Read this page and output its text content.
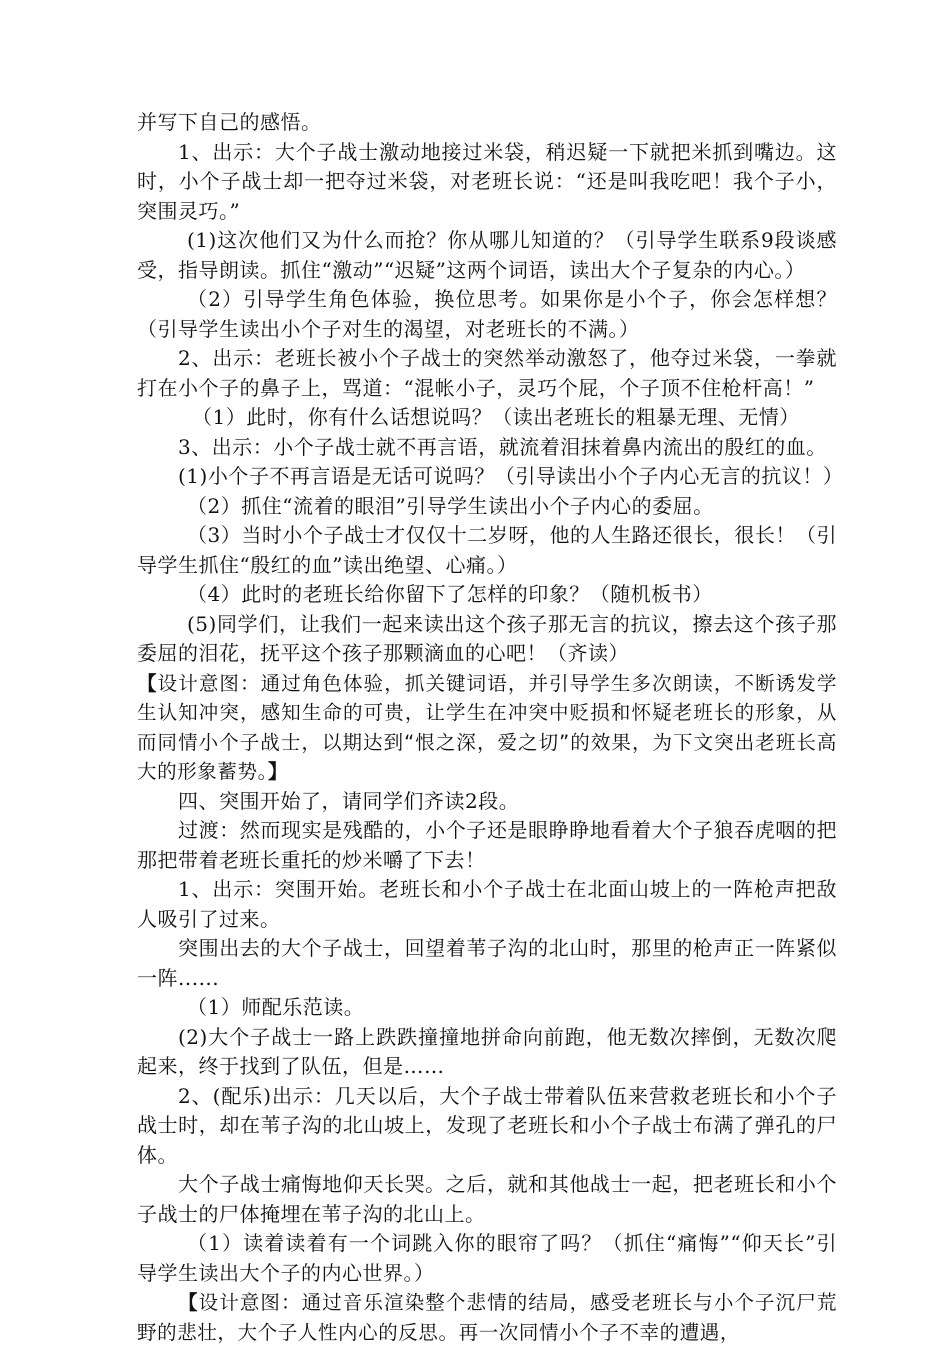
并写下自己的感悟。

1、出示：大个子战士激动地接过米袋，稍迟疑一下就把米抓到嘴边。这时，小个子战士却一把夺过米袋，对老班长说：“还是叫我吃吧！我个子小，突围灵巧。”

(1)这次他们又为什么而抢？你从哪儿知道的？（引导学生联系9段谈感受，指导朗读。抓住“激动”“迟疑”这两个词语，读出大个子复杂的内心。）

（2）引导学生角色体验，换位思考。如果你是小个子，你会怎样想？（引导学生读出小个子对生的渴望，对老班长的不满。）

2、出示：老班长被小个子战士的突然举动激怒了，他夺过米袋，一拳就打在小个子的鼻子上，骂道：“混帐小子，灵巧个屁，个子顶不住枪杆高！”

（1）此时，你有什么话想说吗？（读出老班长的粗暴无理、无情）

3、出示：小个子战士就不再言语，就流着泪抹着鼻内流出的殷红的血。

(1)小个子不再言语是无话可说吗？（引导读出小个子内心无言的抗议！）

（2）抓住“流着的眼泪”引导学生读出小个子内心的委屈。

（3）当时小个子战士才仅仅十二岁呀，他的人生路还很长，很长！（引导学生抓住“殷红的血”读出绝望、心痛。）

（4）此时的老班长给你留下了怎样的印象？（随机板书）

(5)同学们，让我们一起来读出这个孩子那无言的抗议，擦去这个孩子那委屈的泪花，抚平这个孩子那颗滴血的心吧！（齐读）

【设计意图：通过角色体验，抓关键词语，并引导学生多次朗读，不断诱发学生认知冲突，感知生命的可贵，让学生在冲突中贬损和怀疑老班长的形象，从而同情小个子战士，以期达到“恨之深，爱之切”的效果，为下文突出老班长高大的形象蓄势。】

四、突围开始了，请同学们齐读2段。

过渡：然而现实是残酷的，小个子还是眼睁睁地看着大个子狼吞虎咽的把那把带着老班长重托的炒米嚼了下去！

1、出示：突围开始。老班长和小个子战士在北面山坡上的一阵枪声把敌人吸引了过来。

突围出去的大个子战士，回望着苇子沟的北山时，那里的枪声正一阵紧似一阵......

（1）师配乐范读。

(2)大个子战士一路上跌跌撞撞地拼命向前跑，他无数次摔倒，无数次爬起来，终于找到了队伍，但是……

2、(配乐)出示：几天以后，大个子战士带着队伍来营救老班长和小个子战士时，却在苇子沟的北山坡上，发现了老班长和小个子战士布满了弹孔的尸体。

大个子战士痛悔地仰天长哭。之后，就和其他战士一起，把老班长和小个子战士的尸体掩埋在苇子沟的北山上。

（1）读着读着有一个词跳入你的眼帘了吗？（抓住“痛悔”“仰天长”引导学生读出大个子的内心世界。）

【设计意图：通过音乐渲染整个悲情的结局，感受老班长与小个子沉尸荒野的悲壮，大个子人性内心的反思。再一次同情小个子不幸的遭遇，
